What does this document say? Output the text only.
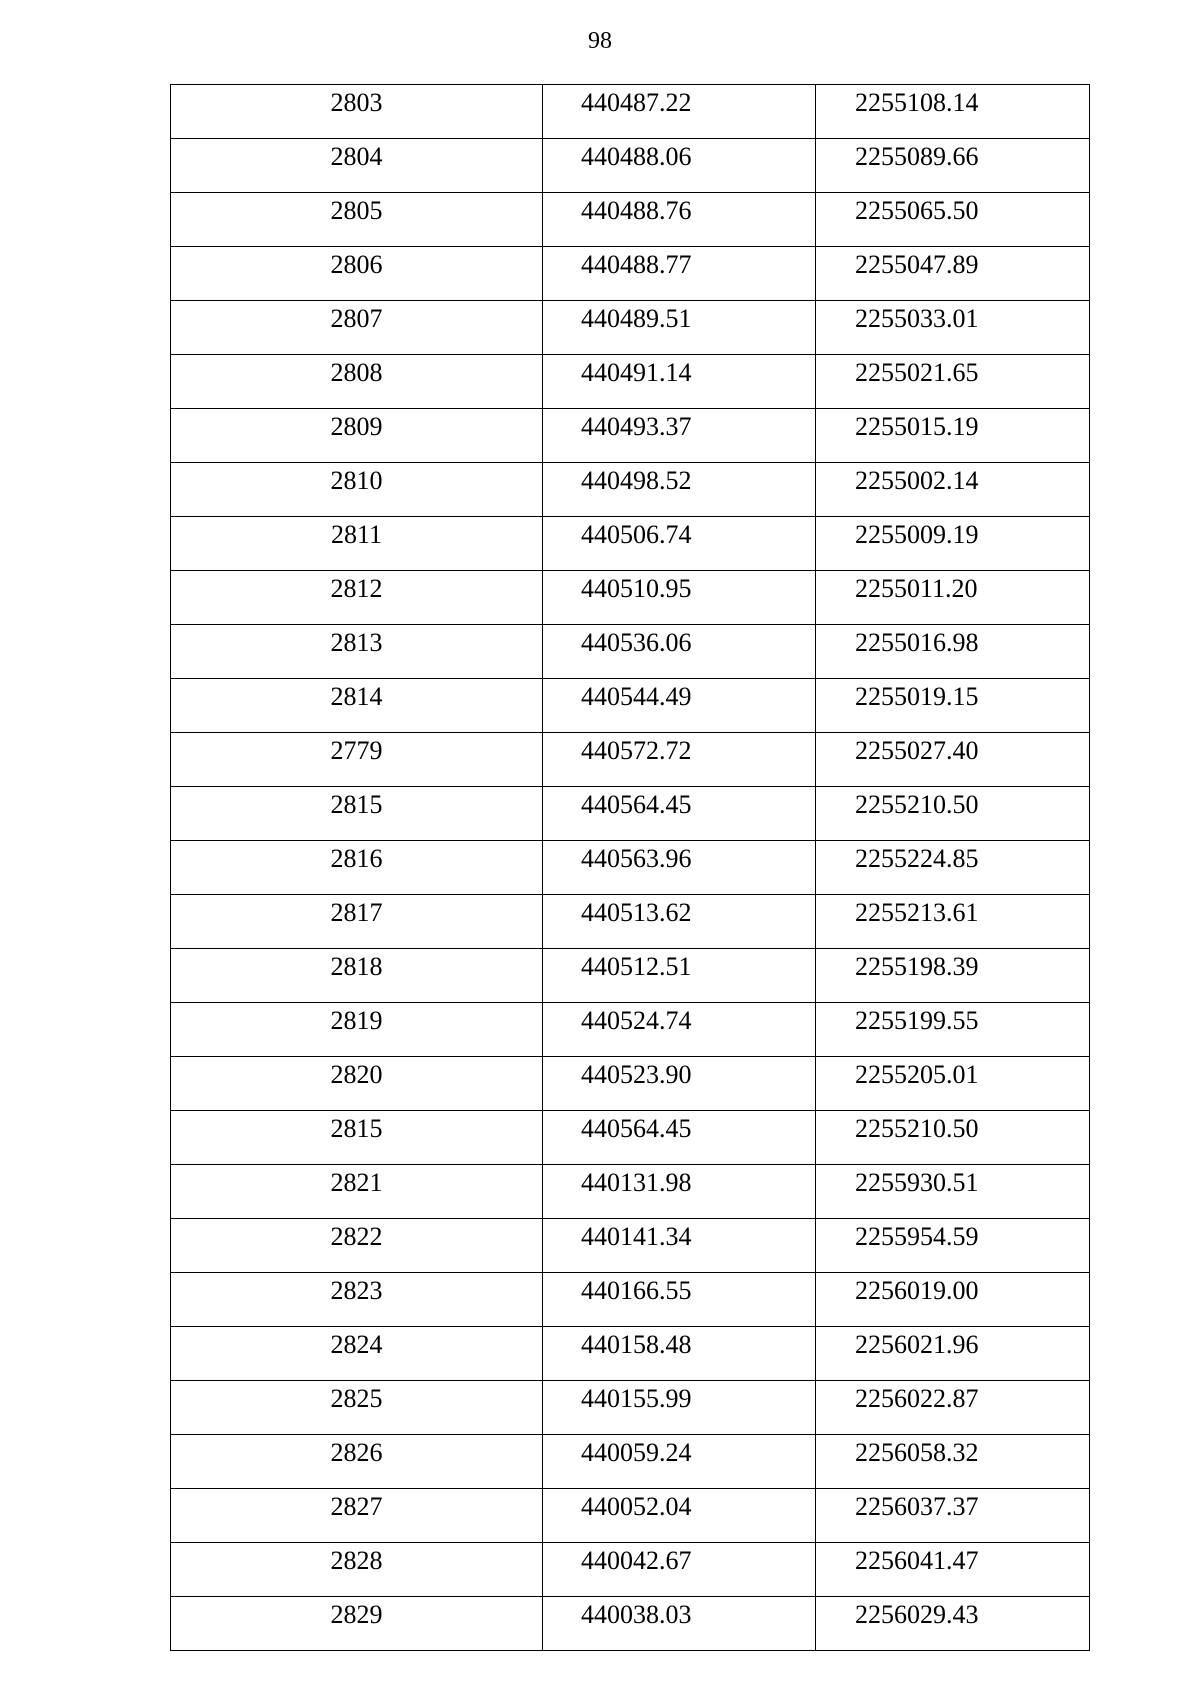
98
2803	440487.22	2255108.14

2804	440488.06	2255089.66

2805	440488.76	2255065.50

2806	440488.77	2255047.89

2807	440489.51	2255033.01

2808	440491.14	2255021.65

2809	440493.37	2255015.19

2810	440498.52	2255002.14

2811	440506.74	2255009.19

2812	440510.95	2255011.20

2813	440536.06	2255016.98

2814	440544.49	2255019.15

2779	440572.72	2255027.40

2815	440564.45	2255210.50

2816	440563.96	2255224.85

2817	440513.62	2255213.61

2818	440512.51	2255198.39

2819	440524.74	2255199.55

2820	440523.90	2255205.01

2815	440564.45	2255210.50

2821	440131.98	2255930.51

2822	440141.34	2255954.59

2823	440166.55	2256019.00

2824	440158.48	2256021.96

2825	440155.99	2256022.87

2826	440059.24	2256058.32

2827	440052.04	2256037.37

2828	440042.67	2256041.47

2829	440038.03	2256029.43
